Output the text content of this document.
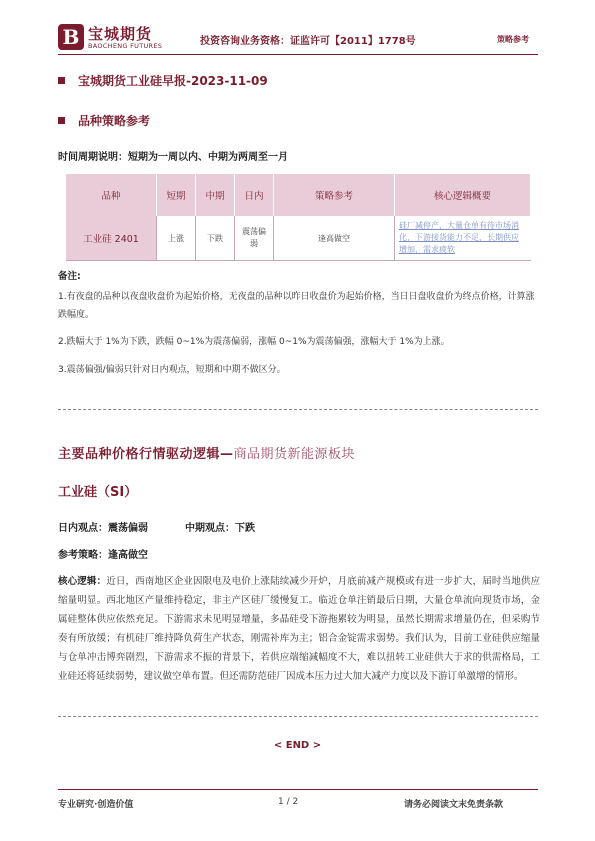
B 宝城期货
BAOCHENG FUTURES	投资咨询业务资格：证监许可【2011】1778号	策略参考
宝城期货工业硅早报-2023-11-09
品种策略参考
时间周期说明：短期为一周以内、中期为两周至一月
品种	短期	中期	日内	策略参考	核心逻辑概要
工业硅 2401	上涨	下跌	震荡偏弱	逢高做空	硅厂减停产，大量仓单有待市场消化，下游接货能力不足，长期供应增加，需求疲软
备注:
1.有夜盘的品种以夜盘收盘价为起始价格，无夜盘的品种以昨日收盘价为起始价格，当日日盘收盘价为终点价格，计算涨跌幅度。
2.跌幅大于 1%为下跌，跌幅 0~1%为震荡偏弱，涨幅 0~1%为震荡偏强，涨幅大于 1%为上涨。
3.震荡偏强/偏弱只针对日内观点，短期和中期不做区分。
主要品种价格行情驱动逻辑—商品期货新能源板块
工业硅（SI）
日内观点：震荡偏弱	中期观点：下跌
参考策略：逢高做空
核心逻辑：近日，西南地区企业因限电及电价上涨陆续减少开炉，月底前减产规模或有进一步扩大，届时当地供应缩量明显。西北地区产量维持稳定，非主产区硅厂缓慢复工。临近仓单注销最后日期，大量仓单流向现货市场，金属硅整体供应依然充足。下游需求未见明显增量，多晶硅受下游拖累较为明显，虽然长期需求增量仍在，但采购节奏有所放缓；有机硅厂维持降负荷生产状态，刚需补库为主；铝合金锭需求弱势。我们认为，目前工业硅供应缩量与仓单冲击博弈剧烈，下游需求不振的背景下，若供应端缩减幅度不大，难以扭转工业硅供大于求的供需格局，工业硅还将延续弱势，建议做空单布置。但还需防范硅厂因成本压力过大加大减产力度以及下游订单激增的情形。
< END >
专业研究·创造价值	1 / 2	请务必阅读文末免责条款
